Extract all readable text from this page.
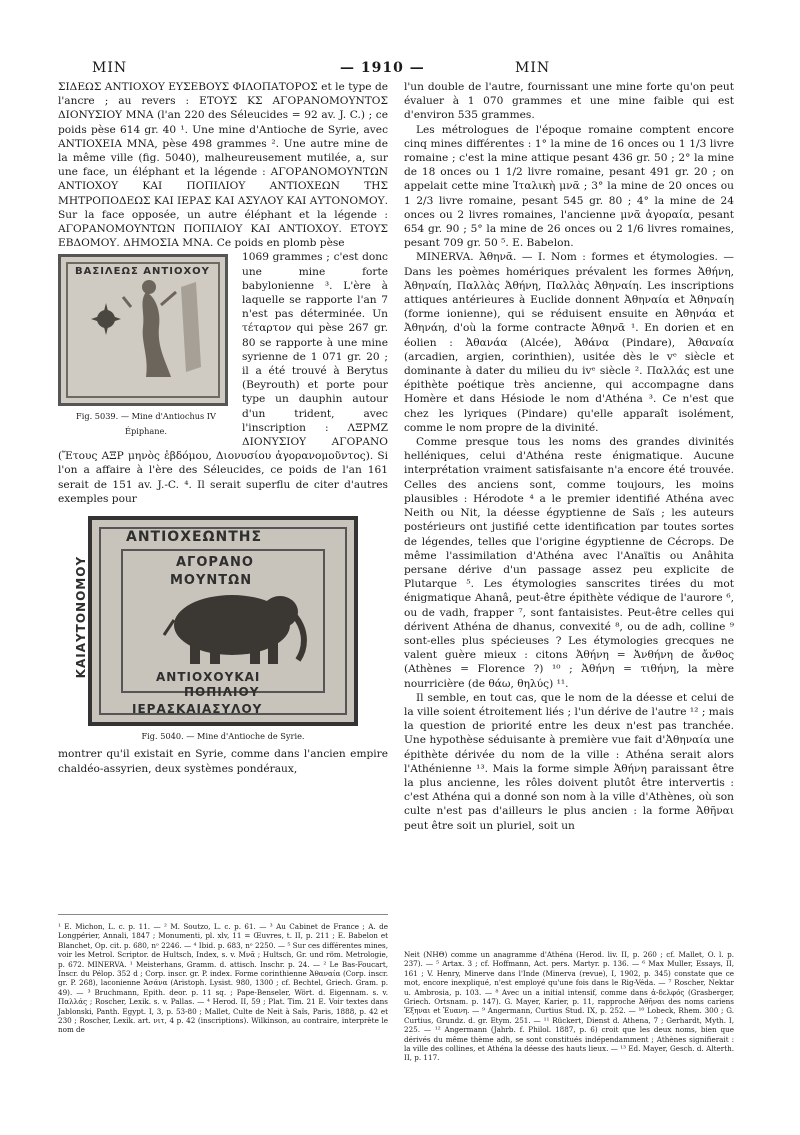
MIN	— 1910 —	MIN

ΣΙΔΕΩΣ ΑΝΤΙΟΧΟΥ ΕΥΣΕΒΟΥΣ ΦΙΛΟΠΑΤΟΡΟΣ et le type de l'ancre ; au revers : ΕΤΟΥΣ ΚΣ ΑΓΟΡΑΝΟΜΟΥΝΤΟΣ ΔΙΟΝΥΣΙΟΥ ΜΝΑ (l'an 220 des Séleucides = 92 av. J. C.) ; ce poids pèse 614 gr. 40 ¹. Une mine d'Antioche de Syrie, avec ΑΝΤΙΟΧΕΙΑ ΜΝΑ, pèse 498 grammes ². Une autre mine de la même ville (fig. 5040), malheureusement mutilée, a, sur une face, un éléphant et la légende : ΑΓΟΡΑΝΟΜΟΥΝΤΩΝ ΑΝΤΙΟΧΟΥ ΚΑΙ ΠΟΠΙΛΙΟΥ ΑΝΤΙΟΧΕΩΝ ΤΗΣ ΜΗΤΡΟΠΟΔΕΩΣ ΚΑΙ ΙΕΡΑΣ ΚΑΙ ΑΣΥΛΟΥ ΚΑΙ ΑΥΤΟΝΟΜΟΥ. Sur la face opposée, un autre éléphant et la légende : ΑΓΟΡΑΝΟΜΟΥΝΤΩΝ ΠΟΠΙΛΙΟΥ ΚΑΙ ΑΝΤΙΟΧΟΥ. ΕΤΟΥΣ ΕΒΔΟΜΟΥ. ΔΗΜΟΣΙΑ ΜΝΑ. Ce poids en plomb pèse

ΒΑΣΙΛΕΩΣ ΑΝΤΙΟΧΟΥ
Fig. 5039. — Mine d'Antiochus IV Épiphane.

1069 grammes ; c'est donc une mine forte babylonienne ³. L'ère à laquelle se rapporte l'an 7 n'est pas déterminée. Un τέταρτον qui pèse 267 gr. 80 se rapporte à une mine syrienne de 1 071 gr. 20 ; il a été trouvé à Berytus (Beyrouth) et porte pour type un dauphin autour d'un trident, avec l'inscription : ΛΞΡΜΖ ΔΙΟΝΥΣΙΟΥ ΑΓΟΡΑΝΟ (Ἔτους ΑΞΡ μηνὸς ἑβδόμου, Διονυσίου ἀγορανομοῦντος). Si l'on a affaire à l'ère des Séleucides, ce poids de l'an 161 serait de 151 av. J.-C. ⁴. Il serait superflu de citer d'autres exemples pour

ΑΝΤΙΟΧΕΩΝΤΗΣ
ΑΓΟΡΑΝΟ
ΜΟΥΝΤΩΝ
ΑΝΤΙΟΧΟΥΚΑΙ
ΠΟΠΙΛΙΟΥ
ΚΑΙΑΥΤΟΝΟΜΟΥ
ΙΕΡΑΣΚΑΙΑΣΥΛΟΥ
Fig. 5040. — Mine d'Antioche de Syrie.

montrer qu'il existait en Syrie, comme dans l'ancien empire chaldéo-assyrien, deux systèmes pondéraux,

l'un double de l'autre, fournissant une mine forte qu'on peut évaluer à 1 070 grammes et une mine faible qui est d'environ 535 grammes.

Les métrologues de l'époque romaine comptent encore cinq mines différentes : 1° la mine de 16 onces ou 1 1/3 livre romaine ; c'est la mine attique pesant 436 gr. 50 ; 2° la mine de 18 onces ou 1 1/2 livre romaine, pesant 491 gr. 20 ; on appelait cette mine Ἰταλικὴ μνᾶ ; 3° la mine de 20 onces ou 1 2/3 livre romaine, pesant 545 gr. 80 ; 4° la mine de 24 onces ou 2 livres romaines, l'ancienne μνᾶ ἀγοραία, pesant 654 gr. 90 ; 5° la mine de 26 onces ou 2 1/6 livres romaines, pesant 709 gr. 50 ⁵. E. Babelon.

MINERVA. Ἀθηνᾶ. — I. Nom : formes et étymologies. — Dans les poèmes homériques prévalent les formes Ἀθήνη, Ἀθηναίη, Παλλὰς Ἀθήνη, Παλλὰς Ἀθηναίη. Les inscriptions attiques antérieures à Euclide donnent Ἀθηναία et Ἀθηναίη (forme ionienne), qui se réduisent ensuite en Ἀθηνάα et Ἀθηνάη, d'où la forme contracte Ἀθηνᾶ ¹. En dorien et en éolien : Ἀθανάα (Alcée), Ἀθάνα (Pindare), Ἀθαναία (arcadien, argien, corinthien), usitée dès le vᵉ siècle et dominante à dater du milieu du ivᵉ siècle ². Παλλάς est une épithète poétique très ancienne, qui accompagne dans Homère et dans Hésiode le nom d'Athéna ³. Ce n'est que chez les lyriques (Pindare) qu'elle apparaît isolément, comme le nom propre de la divinité.

Comme presque tous les noms des grandes divinités helléniques, celui d'Athéna reste énigmatique. Aucune interprétation vraiment satisfaisante n'a encore été trouvée. Celles des anciens sont, comme toujours, les moins plausibles : Hérodote ⁴ a le premier identifié Athéna avec Neith ou Nit, la déesse égyptienne de Saïs ; les auteurs postérieurs ont justifié cette identification par toutes sortes de légendes, telles que l'origine égyptienne de Cécrops. De même l'assimilation d'Athéna avec l'Anaïtis ou Anâhita persane dérive d'un passage assez peu explicite de Plutarque ⁵. Les étymologies sanscrites tirées du mot énigmatique Ahanâ, peut-être épithète védique de l'aurore ⁶, ou de vadh, frapper ⁷, sont fantaisistes. Peut-être celles qui dérivent Athéna de dhanus, convexité ⁸, ou de adh, colline ⁹ sont-elles plus spécieuses ? Les étymologies grecques ne valent guère mieux : citons Ἀθήνη = Ἀνθήνη de ἄνθος (Athènes = Florence ?) ¹⁰ ; Ἀθήνη = τιθήνη, la mère nourricière (de θάω, θηλύς) ¹¹.

Il semble, en tout cas, que le nom de la déesse et celui de la ville soient étroitement liés ; l'un dérive de l'autre ¹² ; mais la question de priorité entre les deux n'est pas tranchée. Une hypothèse séduisante à première vue fait d'Ἀθηναία une épithète dérivée du nom de la ville : Athéna serait alors l'Athénienne ¹³. Mais la forme simple Ἀθήνη paraissant être la plus ancienne, les rôles doivent plutôt être intervertis : c'est Athéna qui a donné son nom à la ville d'Athènes, où son culte n'est pas d'ailleurs le plus ancien : la forme Ἀθῆναι peut être soit un pluriel, soit un

¹ E. Michon, L. c. p. 11. — ² M. Soutzo, L. c. p. 61. — ³ Au Cabinet de France ; A. de Longpérier, Annali, 1847 ; Monumenti, pl. xlv, 11 = Œuvres, t. II, p. 211 ; E. Babelon et Blanchet, Op. cit. p. 680, nᵒ 2246. — ⁴ Ibid. p. 683, nᵒ 2250. — ⁵ Sur ces différentes mines, voir les Metrol. Scriptor. de Hultsch, Index, s. v. Μνᾶ ; Hultsch, Gr. und röm. Metrologie, p. 672. MINERVA. ¹ Meisterhans, Gramm. d. attisch. Inschr. p. 24. — ² Le Bas-Foucart, Inscr. du Pélop. 352 d ; Corp. inscr. gr. P. index. Forme corinthienne Ἀθαναία (Corp. inscr. gr. P. 268), laconienne Ἀσάνα (Aristoph. Lysist. 980, 1300 ; cf. Bechtel, Griech. Gram. p. 49). — ³ Bruchmann, Epith. deor. p. 11 sq. ; Pape-Benseler, Wört. d. Eigennam. s. v. Παλλάς ; Roscher, Lexik. s. v. Pallas. — ⁴ Herod. II, 59 ; Plat. Tim. 21 E. Voir textes dans Jablonski, Panth. Egypt. I, 3, p. 53-80 ; Mallet, Culte de Neit à Saïs, Paris, 1888, p. 42 et 230 ; Roscher, Lexik. art. νιτ, 4 p. 42 (inscriptions). Wilkinson, au contraire, interprète le nom de
Neit (ΝΗΘ) comme un anagramme d'Athéna (Herod. liv. II, p. 260 ; cf. Mallet, O. l. p. 237). — ⁵ Artax. 3 ; cf. Hoffmann, Act. pers. Martyr. p. 136. — ⁶ Max Muller, Essays, II, 161 ; V. Henry, Minerve dans l'Inde (Minerva (revue), I, 1902, p. 345) constate que ce mot, encore inexpliqué, n'est employé qu'une fois dans le Rig-Véda. — ⁷ Roscher, Nektar u. Ambrosia, p. 103. — ⁸ Avec un a initial intensif, comme dans ἀ-δελφός (Grasberger, Griech. Ortsnam. p. 147). G. Mayer, Karier, p. 11, rapproche Ἀθῆναι des noms cariens Ἐξηναι et Ἐυανη. — ⁹ Angermann, Curtius Stud. IX, p. 252. — ¹⁰ Lobeck, Rhem. 300 ; G. Curtius, Grundz. d. gr. Etym. 251. — ¹¹ Rückert, Dienst d. Athena, 7 ; Gerhardt, Myth. I, 225. — ¹² Angermann (Jahrb. f. Philol. 1887, p. 6) croit que les deux noms, bien que dérivés du même thème adh, se sont constitués indépendamment ; Athènes signifierait : la ville des collines, et Athéna la déesse des hauts lieux. — ¹³ Ed. Mayer, Gesch. d. Alterth. II, p. 117.
